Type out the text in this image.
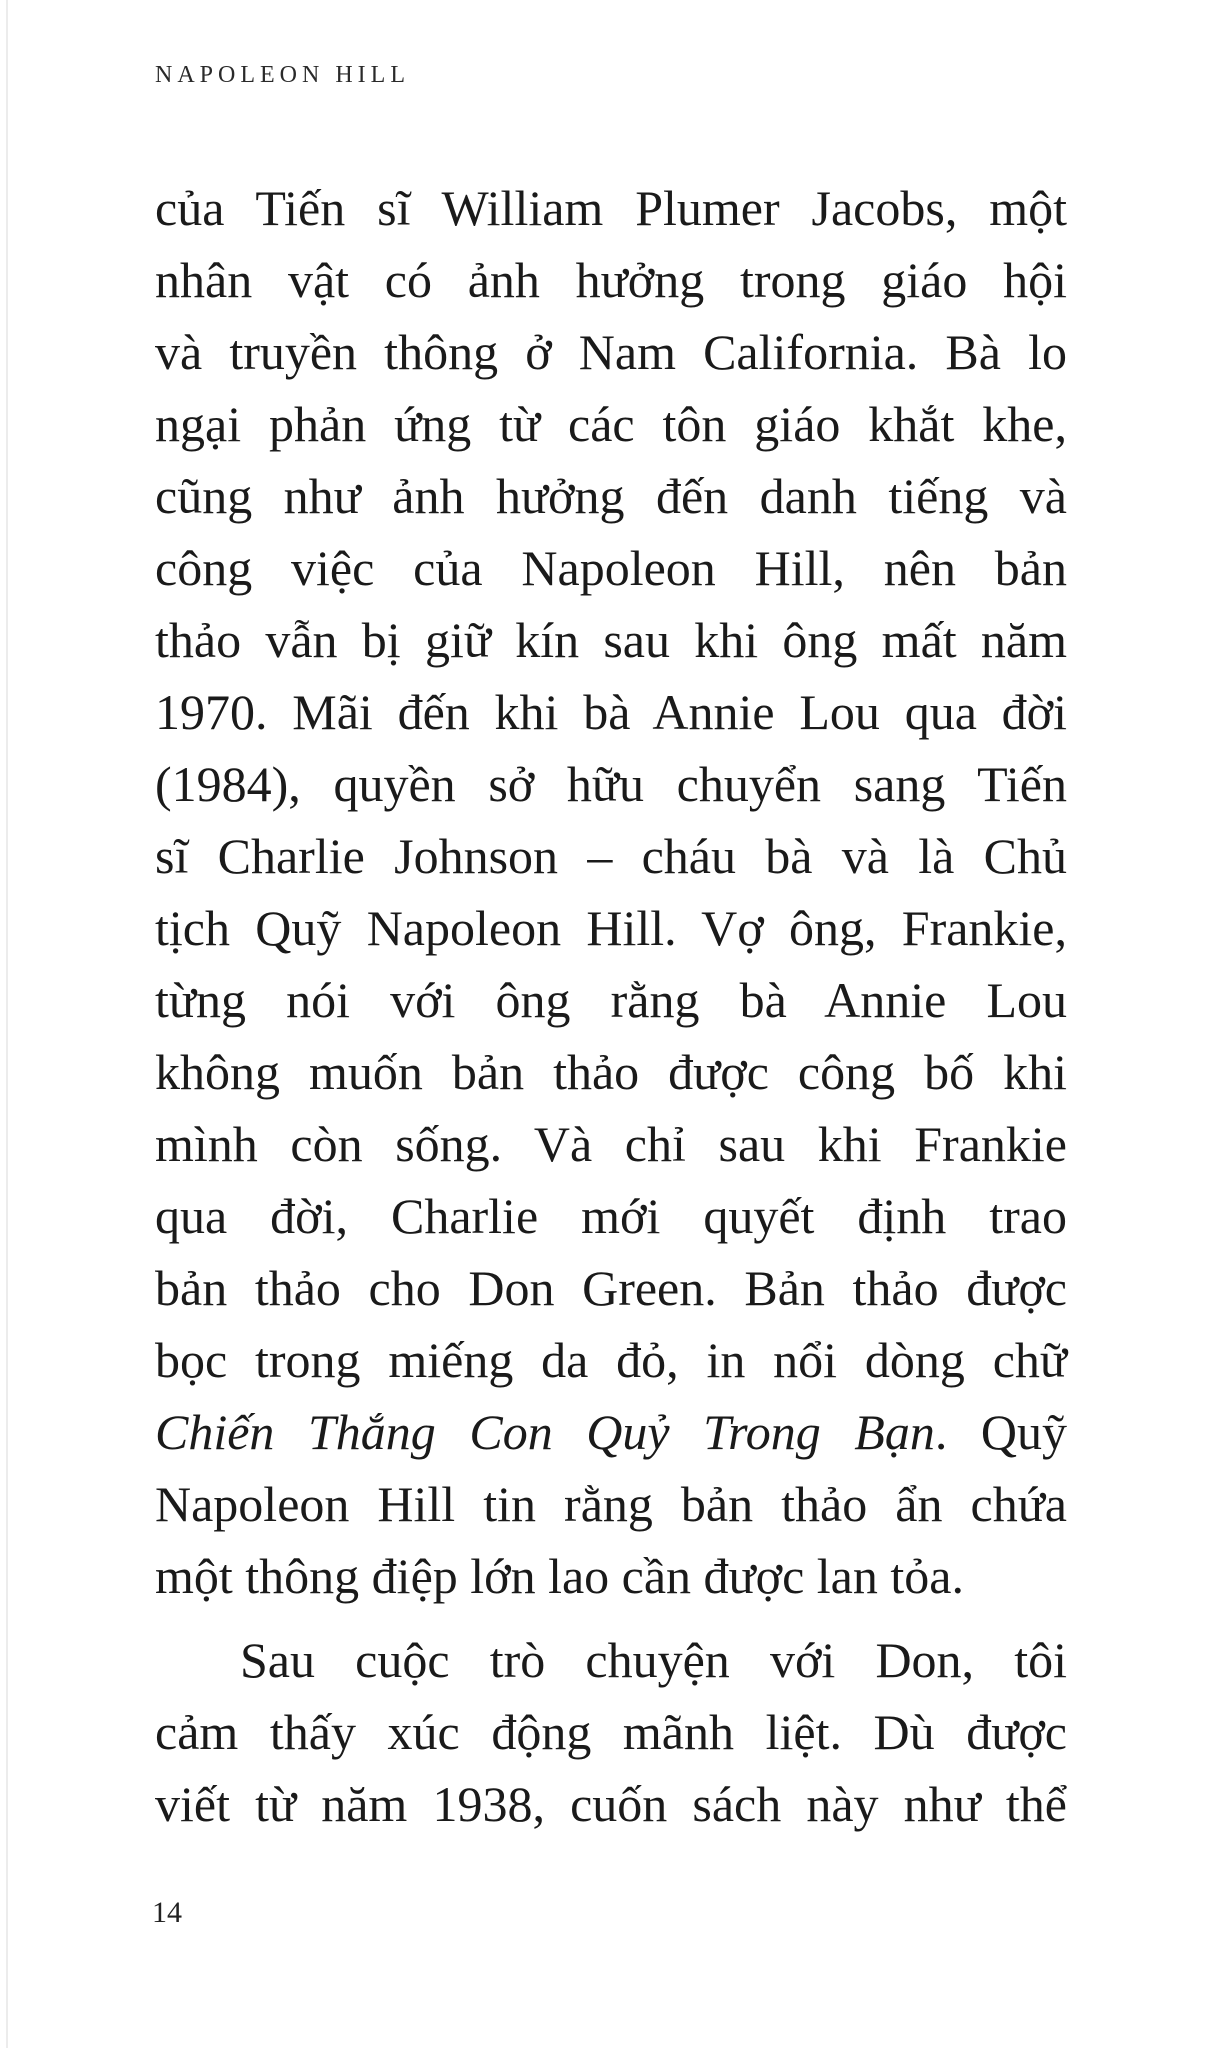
NAPOLEON HILL
của Tiến sĩ William Plumer Jacobs, một
nhân vật có ảnh hưởng trong giáo hội
và truyền thông ở Nam California. Bà lo
ngại phản ứng từ các tôn giáo khắt khe,
cũng như ảnh hưởng đến danh tiếng và
công việc của Napoleon Hill, nên bản
thảo vẫn bị giữ kín sau khi ông mất năm
1970. Mãi đến khi bà Annie Lou qua đời
(1984), quyền sở hữu chuyển sang Tiến
sĩ Charlie Johnson – cháu bà và là Chủ
tịch Quỹ Napoleon Hill. Vợ ông, Frankie,
từng nói với ông rằng bà Annie Lou
không muốn bản thảo được công bố khi
mình còn sống. Và chỉ sau khi Frankie
qua đời, Charlie mới quyết định trao
bản thảo cho Don Green. Bản thảo được
bọc trong miếng da đỏ, in nổi dòng chữ
Chiến Thắng Con Quỷ Trong Bạn. Quỹ
Napoleon Hill tin rằng bản thảo ẩn chứa
một thông điệp lớn lao cần được lan tỏa.
Sau cuộc trò chuyện với Don, tôi
cảm thấy xúc động mãnh liệt. Dù được
viết từ năm 1938, cuốn sách này như thể
14
